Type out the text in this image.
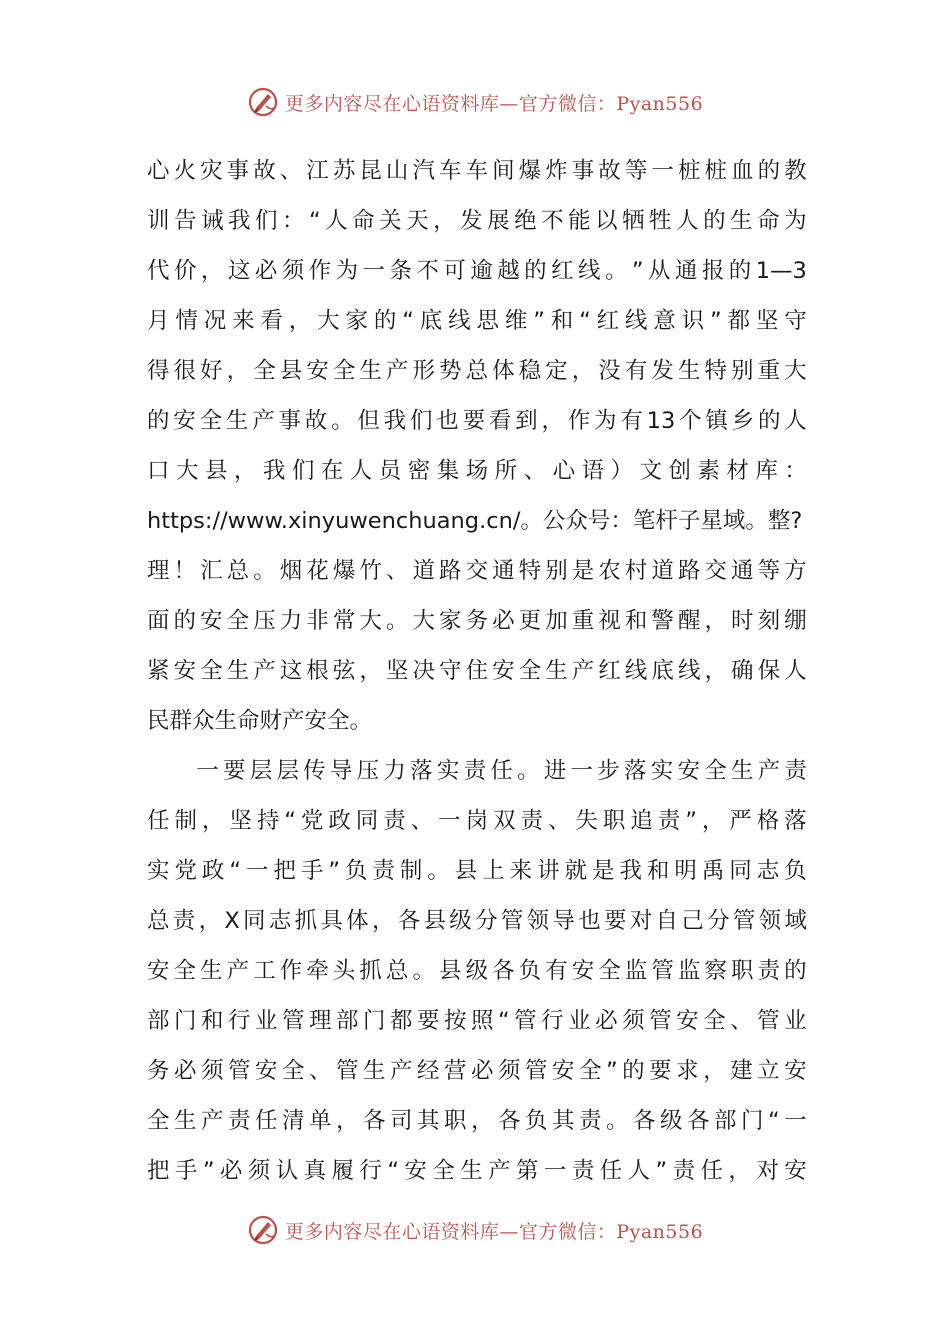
更多内容尽在心语资料库—官方微信：Pyan556
心 火 灾 事 故 、 江 苏 昆 山 汽 车 车 间 爆 炸 事 故 等 一 桩 桩 血 的 教
训 告 诫 我 们 ： “ 人 命 关 天 ， 发 展 绝 不 能 以 牺 牲 人 的 生 命 为
代 价 ， 这 必 须 作 为 一 条 不 可 逾 越 的 红 线 。 ” 从 通 报 的 1—3
月 情 况 来 看 ， 大 家 的 “ 底 线 思 维 ” 和 “ 红 线 意 识 ” 都 坚 守
得 很 好 ， 全 县 安 全 生 产 形 势 总 体 稳 定 ， 没 有 发 生 特 别 重 大
的 安 全 生 产 事 故 。 但 我 们 也 要 看 到 ， 作 为 有 13 个 镇 乡 的 人
口 大 县 ， 我 们 在 人 员 密 集 场 所 、 心 语 ） 文 创 素 材 库 ：
https://www.xinyuwenchuang.cn/。公众号：笔杆子星域。整?
理 ！ 汇 总 。 烟 花 爆 竹 、 道 路 交 通 特 别 是 农 村 道 路 交 通 等 方
面 的 安 全 压 力 非 常 大 。 大 家 务 必 更 加 重 视 和 警 醒 ， 时 刻 绷
紧 安 全 生 产 这 根 弦 ， 坚 决 守 住 安 全 生 产 红 线 底 线 ， 确 保 人
民群众生命财产安全。

一 要 层 层 传 导 压 力 落 实 责 任 。 进 一 步 落 实 安 全 生 产 责
任 制 ， 坚 持 “ 党 政 同 责 、 一 岗 双 责 、 失 职 追 责 ” ， 严 格 落
实 党 政 “ 一 把 手 ” 负 责 制 。 县 上 来 讲 就 是 我 和 明 禹 同 志 负
总 责 ， X 同 志 抓 具 体 ， 各 县 级 分 管 领 导 也 要 对 自 己 分 管 领 域
安 全 生 产 工 作 牵 头 抓 总 。 县 级 各 负 有 安 全 监 管 监 察 职 责 的
部 门 和 行 业 管 理 部 门 都 要 按 照 “ 管 行 业 必 须 管 安 全 、 管 业
务 必 须 管 安 全 、 管 生 产 经 营 必 须 管 安 全 ” 的 要 求 ， 建 立 安
全 生 产 责 任 清 单 ， 各 司 其 职 ， 各 负 其 责 。 各 级 各 部 门 “ 一
把 手 ” 必 须 认 真 履 行 “ 安 全 生 产 第 一 责 任 人 ” 责 任 ， 对 安
更多内容尽在心语资料库—官方微信：Pyan556
